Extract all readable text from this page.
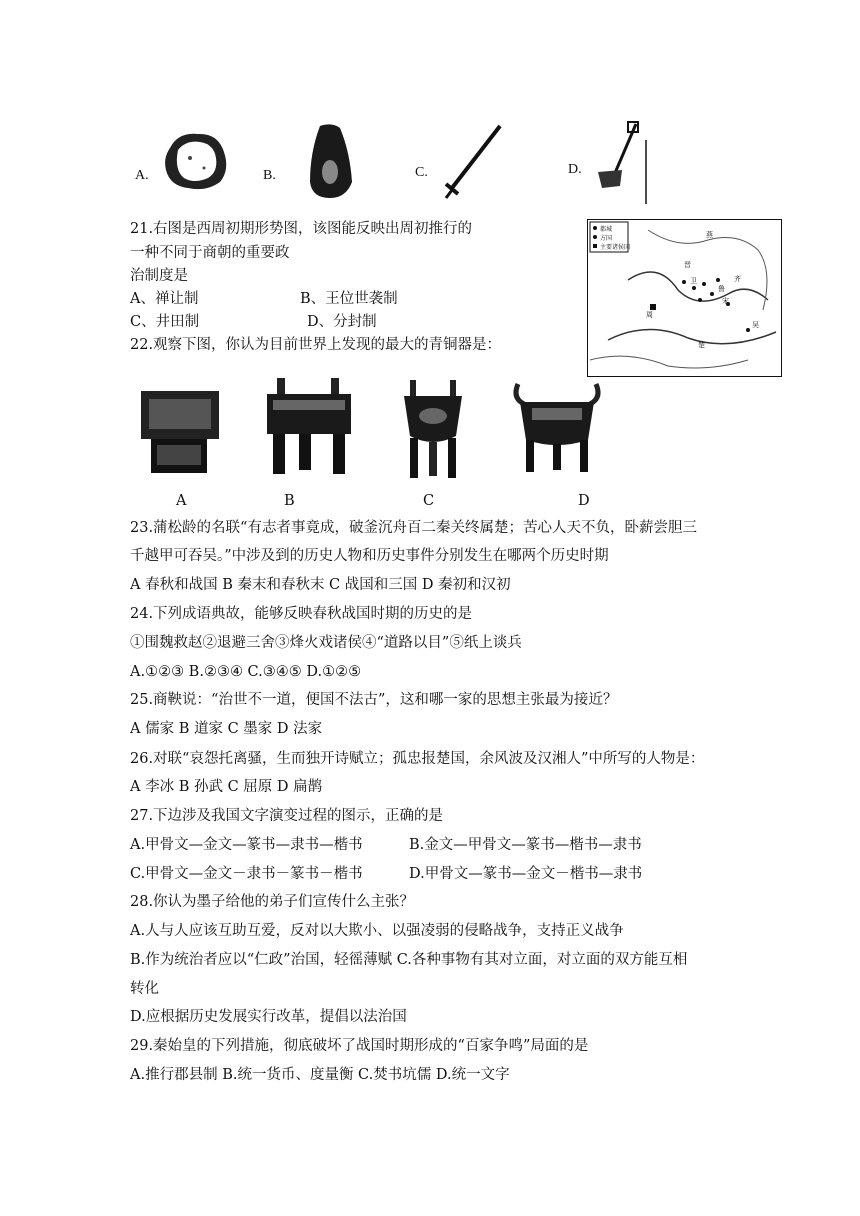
A.	B.	C.	D.
都城
方国
主要诸侯国
燕
齐
鲁
宋
卫
晋
周
楚
吴
21.右图是西周初期形势图，该图能反映出周初推行的
一种不同于商朝的重要政
治制度是
A、禅让制	B、王位世袭制
C、井田制	D、分封制
22.观察下图，你认为目前世界上发现的最大的青铜器是：
A	B	C	D
23.蒲松龄的名联“有志者事竟成，破釜沉舟百二秦关终属楚；苦心人天不负，卧薪尝胆三
千越甲可吞吴。”中涉及到的历史人物和历史事件分别发生在哪两个历史时期
A 春秋和战国 B 秦末和春秋末 C 战国和三国 D 秦初和汉初
24.下列成语典故，能够反映春秋战国时期的历史的是
①围魏救赵②退避三舍③烽火戏诸侯④“道路以目”⑤纸上谈兵
A.①②③ B.②③④ C.③④⑤ D.①②⑤
25.商鞅说：“治世不一道，便国不法古”，这和哪一家的思想主张最为接近？
A 儒家 B 道家 C 墨家 D 法家
26.对联“哀怨托离骚，生而独开诗赋立；孤忠报楚国，余风波及汉湘人”中所写的人物是：
A 李冰 B 孙武 C 屈原 D 扁鹊
27.下边涉及我国文字演变过程的图示，正确的是
A.甲骨文—金文—篆书—隶书—楷书	B.金文—甲骨文—篆书—楷书—隶书
C.甲骨文—金文－隶书－篆书－楷书	D.甲骨文—篆书—金文－楷书—隶书
28.你认为墨子给他的弟子们宣传什么主张？
A.人与人应该互助互爱，反对以大欺小、以强凌弱的侵略战争，支持正义战争
B.作为统治者应以“仁政”治国，轻徭薄赋 C.各种事物有其对立面，对立面的双方能互相
转化
D.应根据历史发展实行改革，提倡以法治国
29.秦始皇的下列措施，彻底破坏了战国时期形成的“百家争鸣”局面的是
A.推行郡县制 B.统一货币、度量衡 C.焚书坑儒 D.统一文字
